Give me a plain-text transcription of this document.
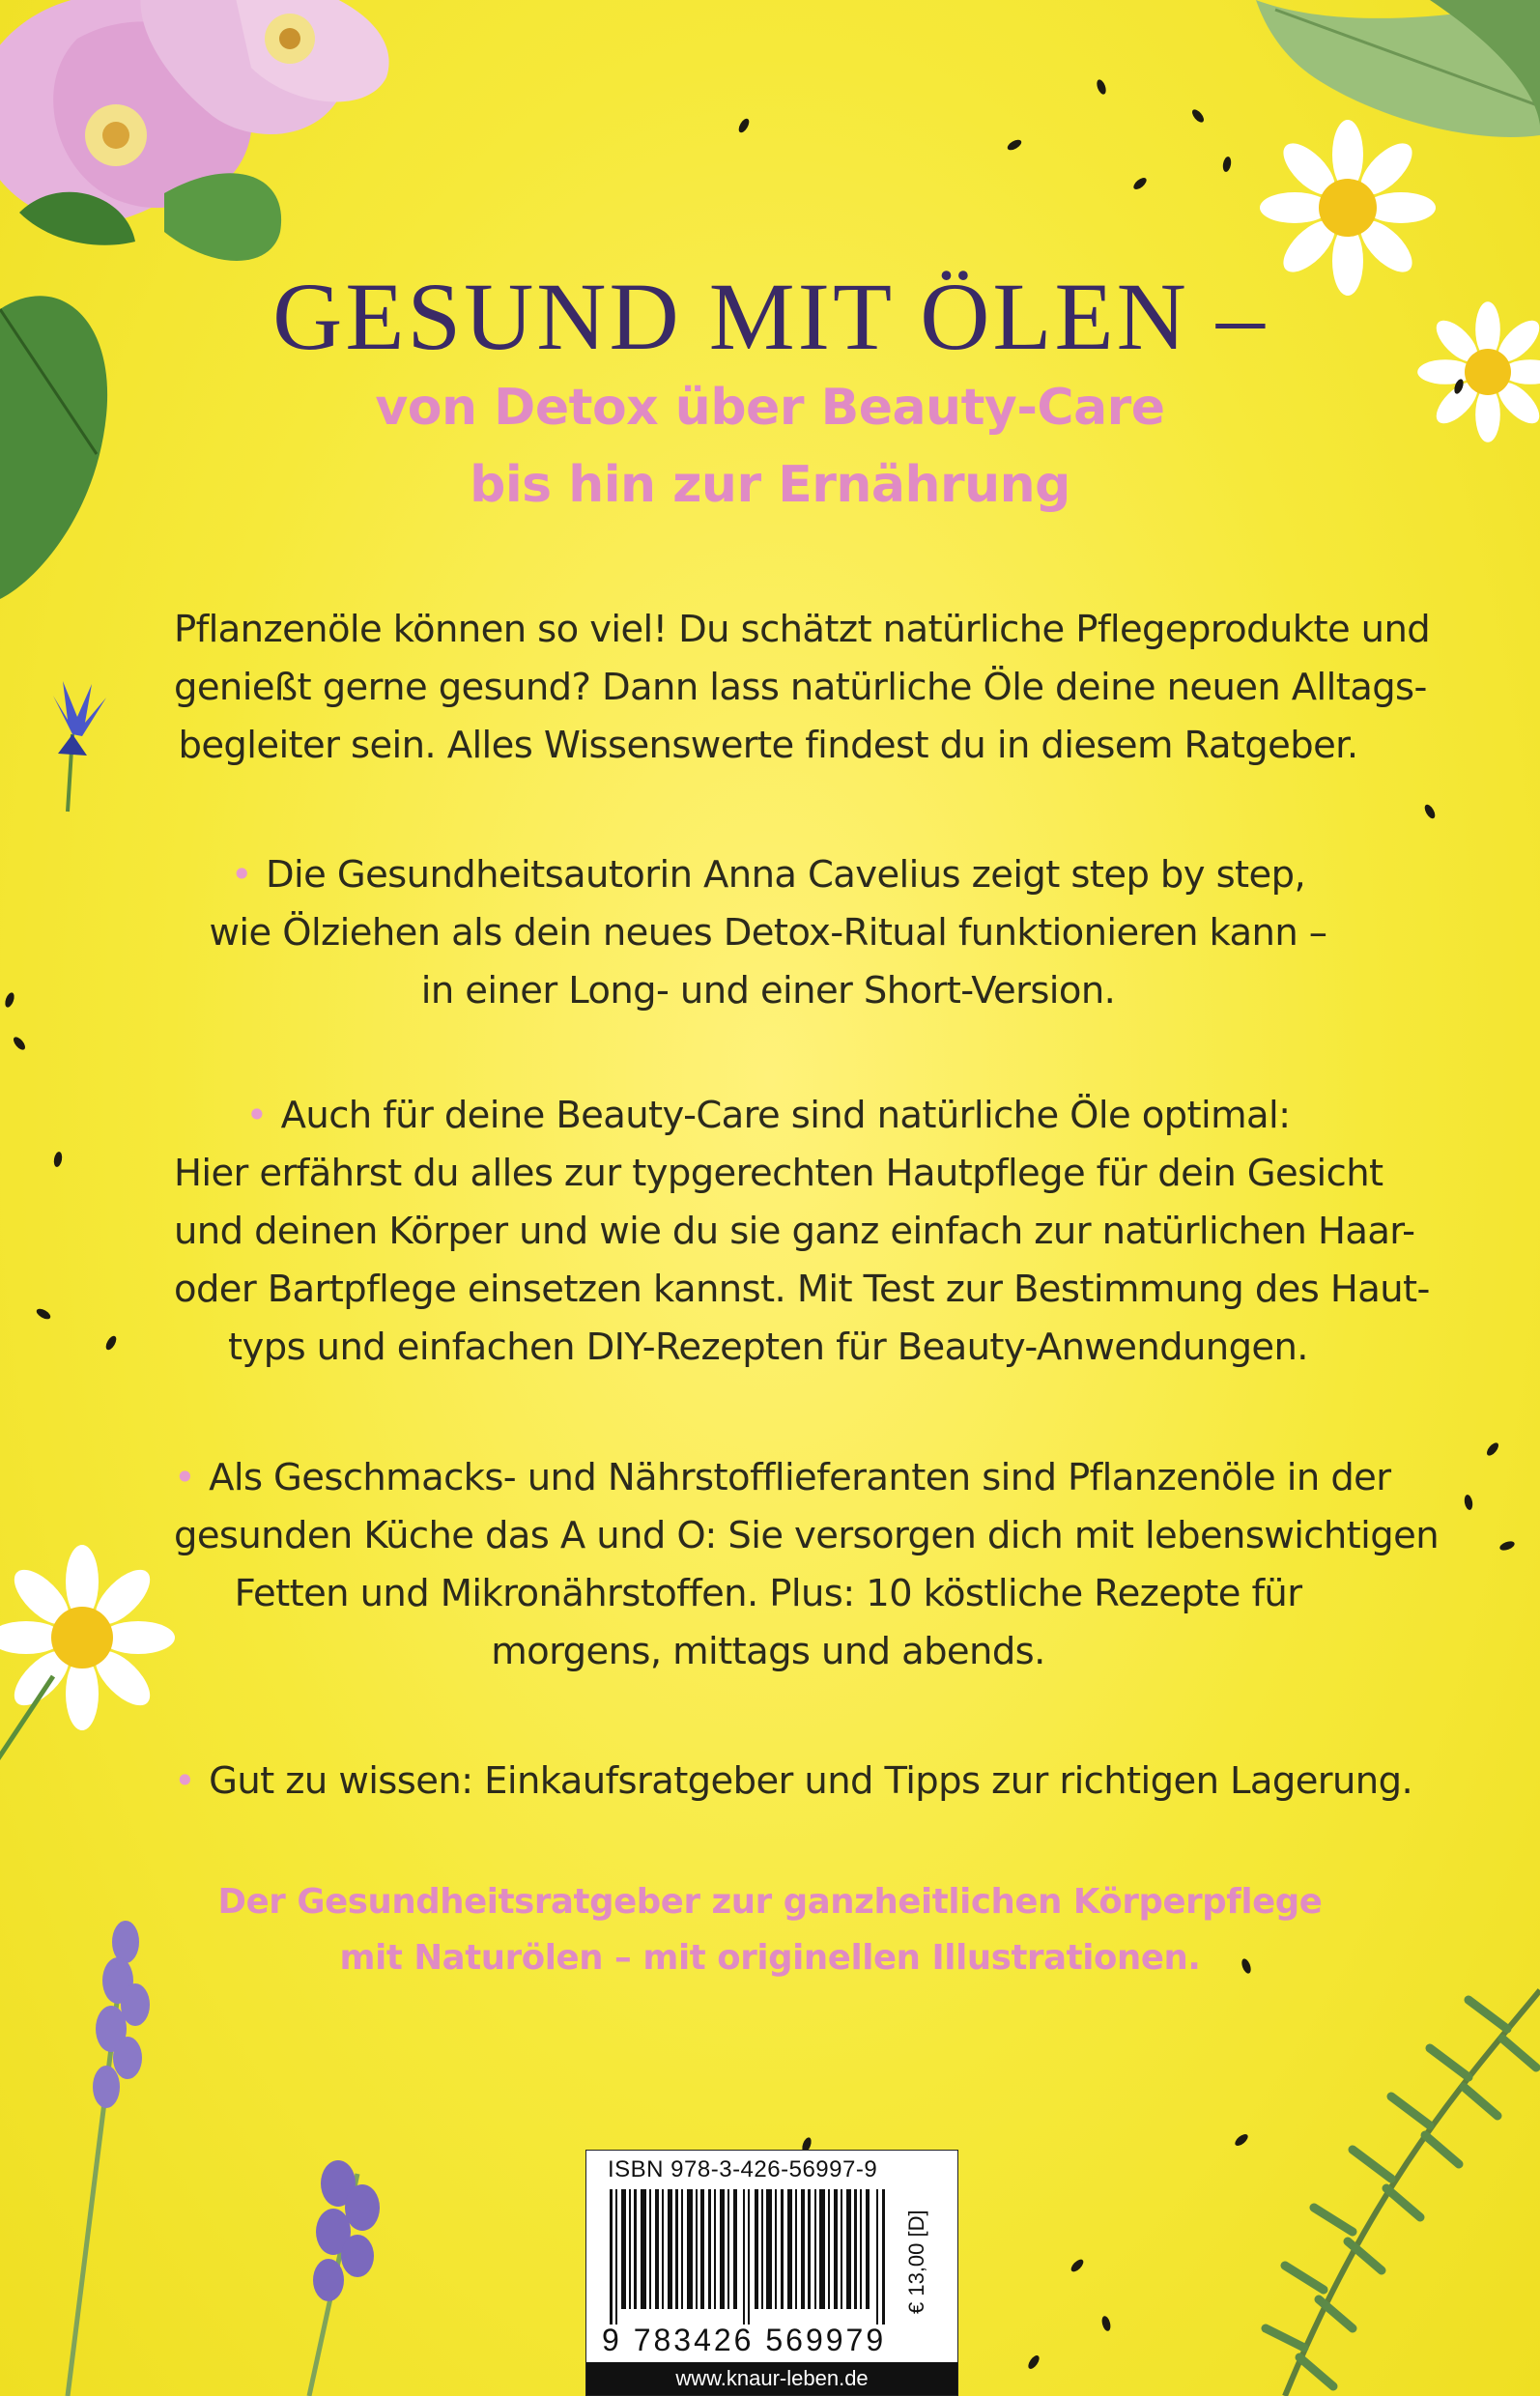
GESUND MIT ÖLEN –
von Detox über Beauty-Care
bis hin zur Ernährung
Pflanzenöle können so viel! Du schätzt natürliche Pflegeprodukte und
genießt gerne gesund? Dann lass natürliche Öle deine neuen Alltags-
begleiter sein. Alles Wissenswerte findest du in diesem Ratgeber.
• Die Gesundheitsautorin Anna Cavelius zeigt step by step,
wie Ölziehen als dein neues Detox-Ritual funktionieren kann –
in einer Long- und einer Short-Version.
• Auch für deine Beauty-Care sind natürliche Öle optimal:
Hier erfährst du alles zur typgerechten Hautpflege für dein Gesicht
und deinen Körper und wie du sie ganz einfach zur natürlichen Haar-
oder Bartpflege einsetzen kannst. Mit Test zur Bestimmung des Haut-
typs und einfachen DIY-Rezepten für Beauty-Anwendungen.
• Als Geschmacks- und Nährstofflieferanten sind Pflanzenöle in der
gesunden Küche das A und O: Sie versorgen dich mit lebenswichtigen
Fetten und Mikronährstoffen. Plus: 10 köstliche Rezepte für
morgens, mittags und abends.
• Gut zu wissen: Einkaufsratgeber und Tipps zur richtigen Lagerung.
Der Gesundheitsratgeber zur ganzheitlichen Körperpflege
mit Naturölen – mit originellen Illustrationen.
ISBN 978-3-426-56997-9
9 783426 569979
€ 13,00 [D]
www.knaur-leben.de
